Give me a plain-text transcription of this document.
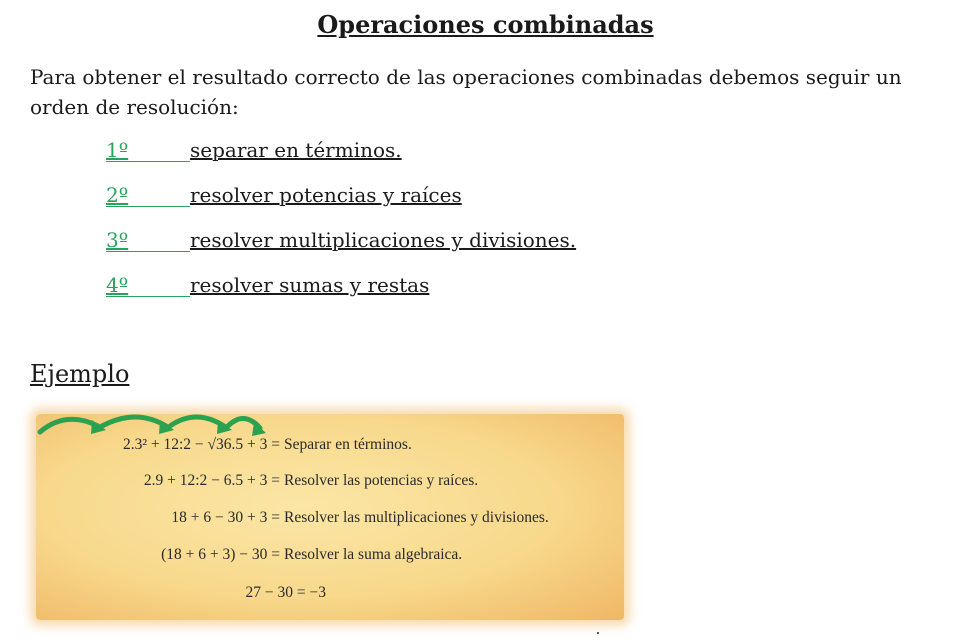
Operaciones combinadas
Para obtener el resultado correcto de las operaciones combinadas debemos seguir un orden de resolución:
1º	separar en términos.
2º	resolver potencias y raíces
3º	resolver multiplicaciones y divisiones.
4º	resolver sumas y restas
Ejemplo
2.3² + 12:2 − √36.5 + 3 = Separar en términos.
2.9 + 12:2 − 6.5 + 3 = Resolver las potencias y raíces.
18 + 6 − 30 + 3 = Resolver las multiplicaciones y divisiones.
(18 + 6 + 3) − 30 = Resolver la suma algebraica.
27 − 30 = −3
